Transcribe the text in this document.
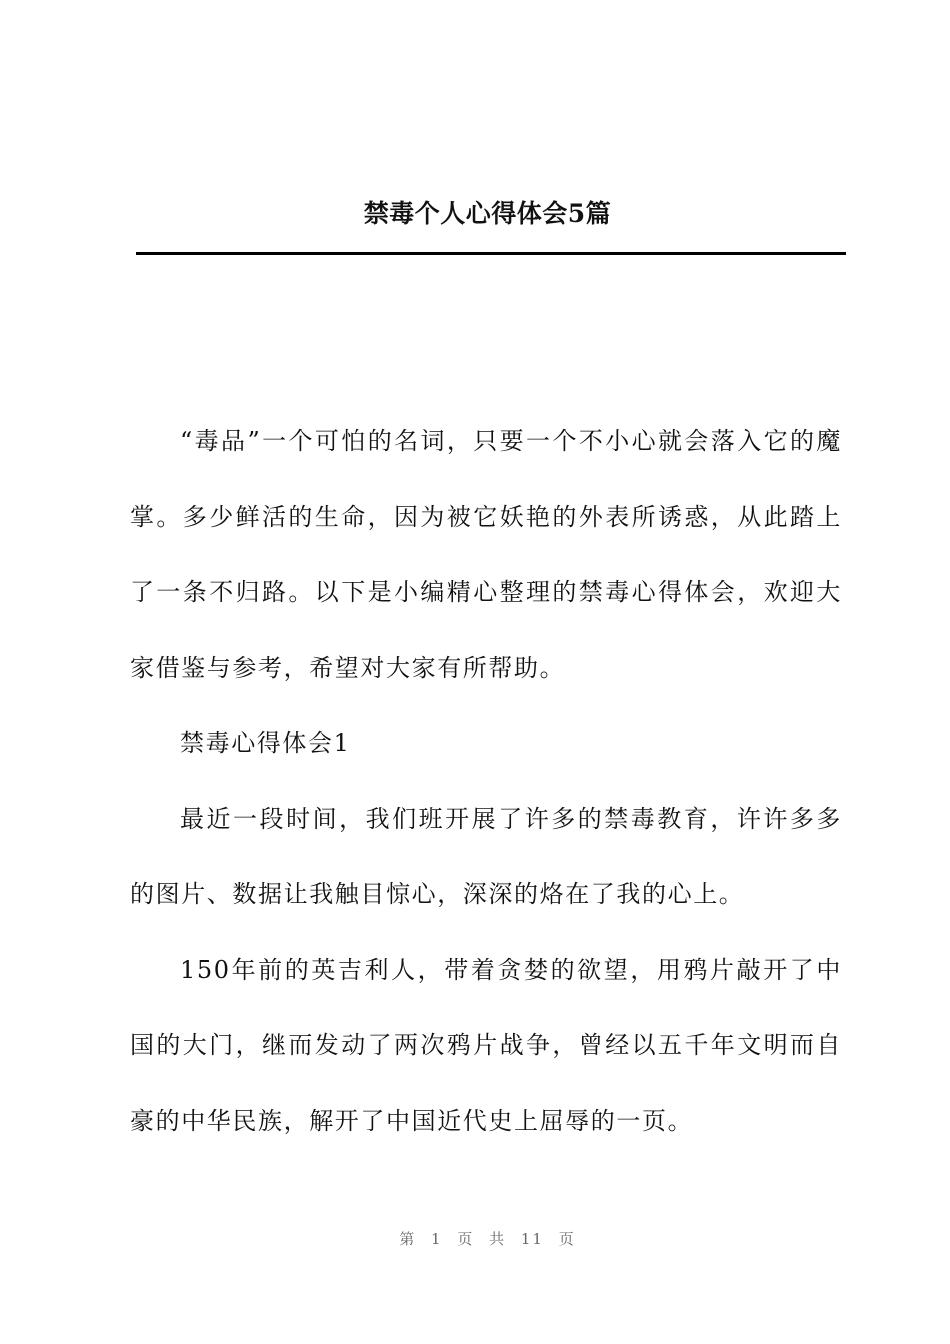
禁毒个人心得体会5篇

“毒品”一个可怕的名词，只要一个不小心就会落入它的魔掌。多少鲜活的生命，因为被它妖艳的外表所诱惑，从此踏上了一条不归路。以下是小编精心整理的禁毒心得体会，欢迎大家借鉴与参考，希望对大家有所帮助。

禁毒心得体会1

最近一段时间，我们班开展了许多的禁毒教育，许许多多的图片、数据让我触目惊心，深深的烙在了我的心上。

150年前的英吉利人，带着贪婪的欲望，用鸦片敲开了中国的大门，继而发动了两次鸦片战争，曾经以五千年文明而自豪的中华民族，解开了中国近代史上屈辱的一页。

第 1 页 共 11 页
